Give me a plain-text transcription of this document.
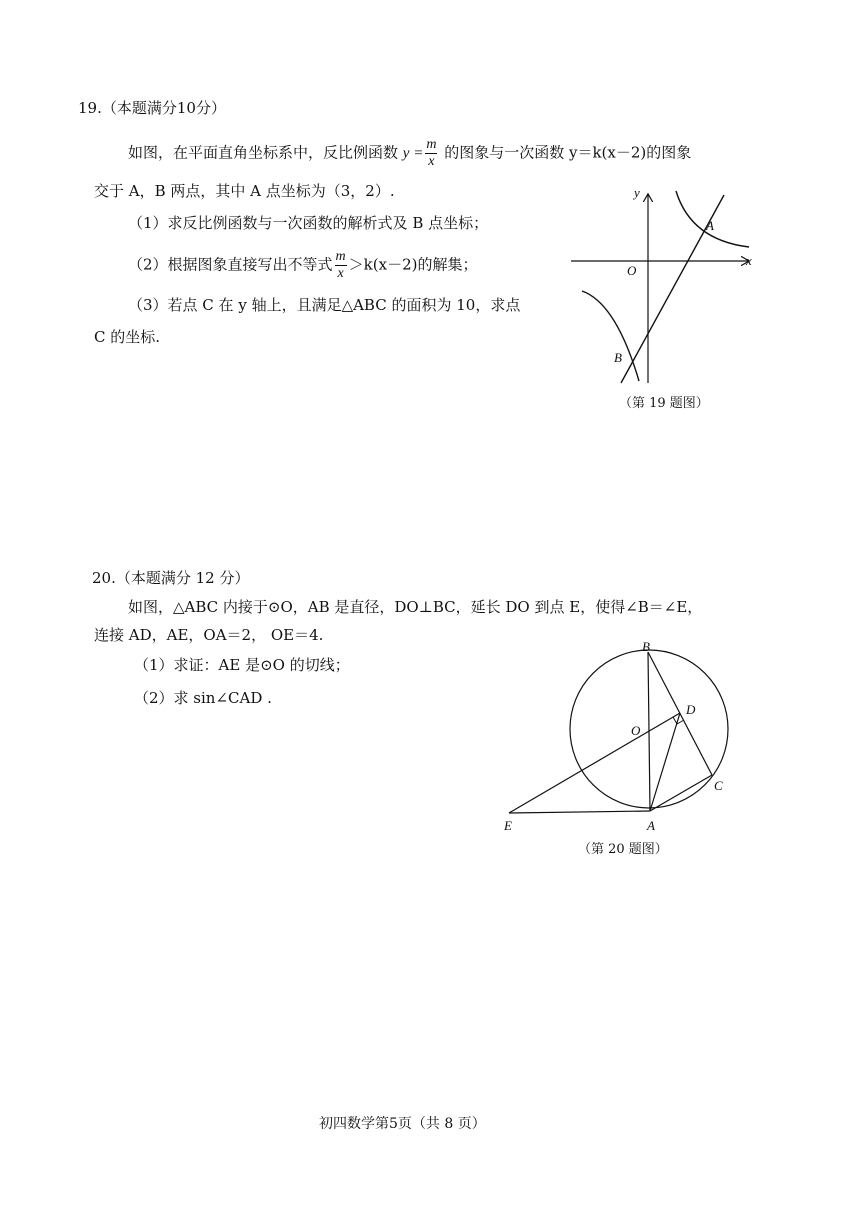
19.（本题满分10分）
如图，在平面直角坐标系中，反比例函数 $y = \frac{m}{x}$ 的图象与一次函数 y＝k(x－2)的图象
交于 A，B 两点，其中 A 点坐标为（3，2）.
（1）求反比例函数与一次函数的解析式及 B 点坐标；
（2）根据图象直接写出不等式 $\frac{m}{x} >k(x-2)$的解集；
（3）若点 C 在 y 轴上，且满足△ABC 的面积为 10，求点
C 的坐标.
y
x
O
A
B
（第 19 题图）
20.（本题满分 12 分）
如图，△ABC 内接于⊙O，AB 是直径，DO⊥BC，延长 DO 到点 E，使得∠B＝∠E，
连接 AD，AE，OA＝2， OE＝4.
（1）求证：AE 是⊙O 的切线；
（2）求 sin∠CAD .
B
D
O
C
E	A
（第 20 题图）
初四数学第5页（共 8 页）
